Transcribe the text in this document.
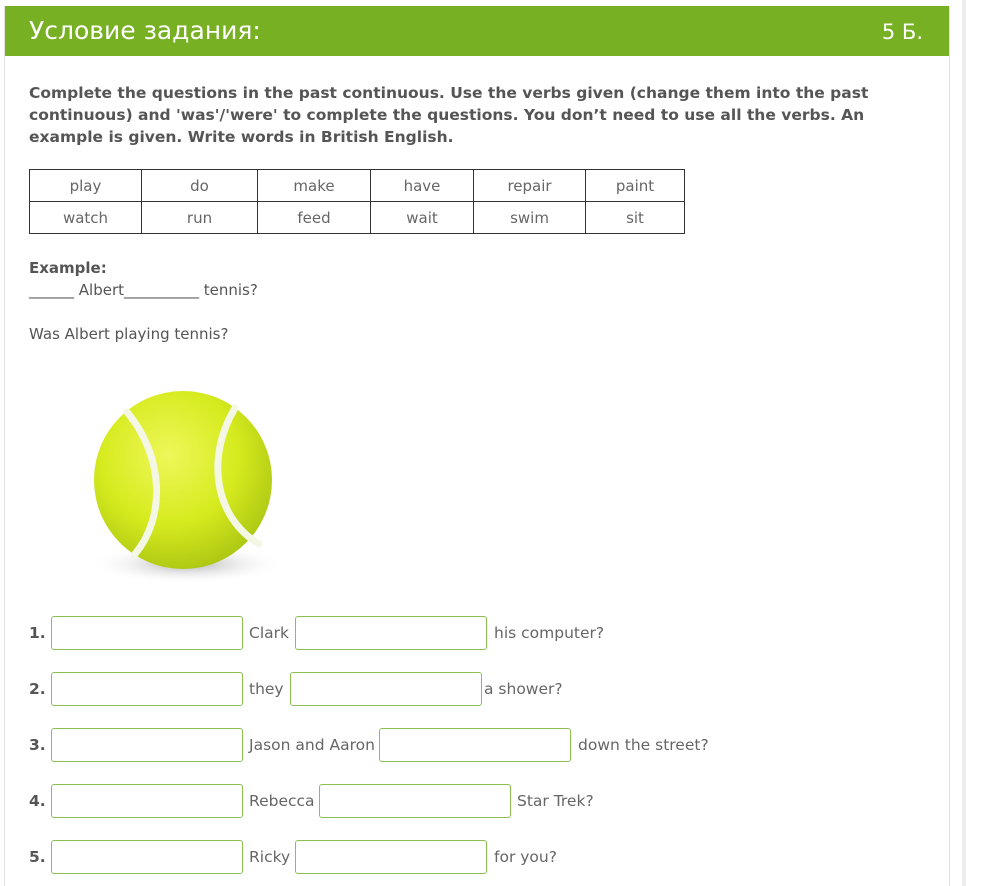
Условие задания:	5 Б.
Complete the questions in the past continuous. Use the verbs given (change them into the past continuous) and 'was'/'were' to complete the questions. You don’t need to use all the verbs. An example is given. Write words in British English.
play	do	make	have	repair	paint
watch	run	feed	wait	swim	sit
Example:
______ Albert__________ tennis?
Was Albert playing tennis?
1.	Clark	his computer?
2.	they	a shower?
3.	Jason and Aaron	down the street?
4.	Rebecca	Star Trek?
5.	Ricky	for you?
